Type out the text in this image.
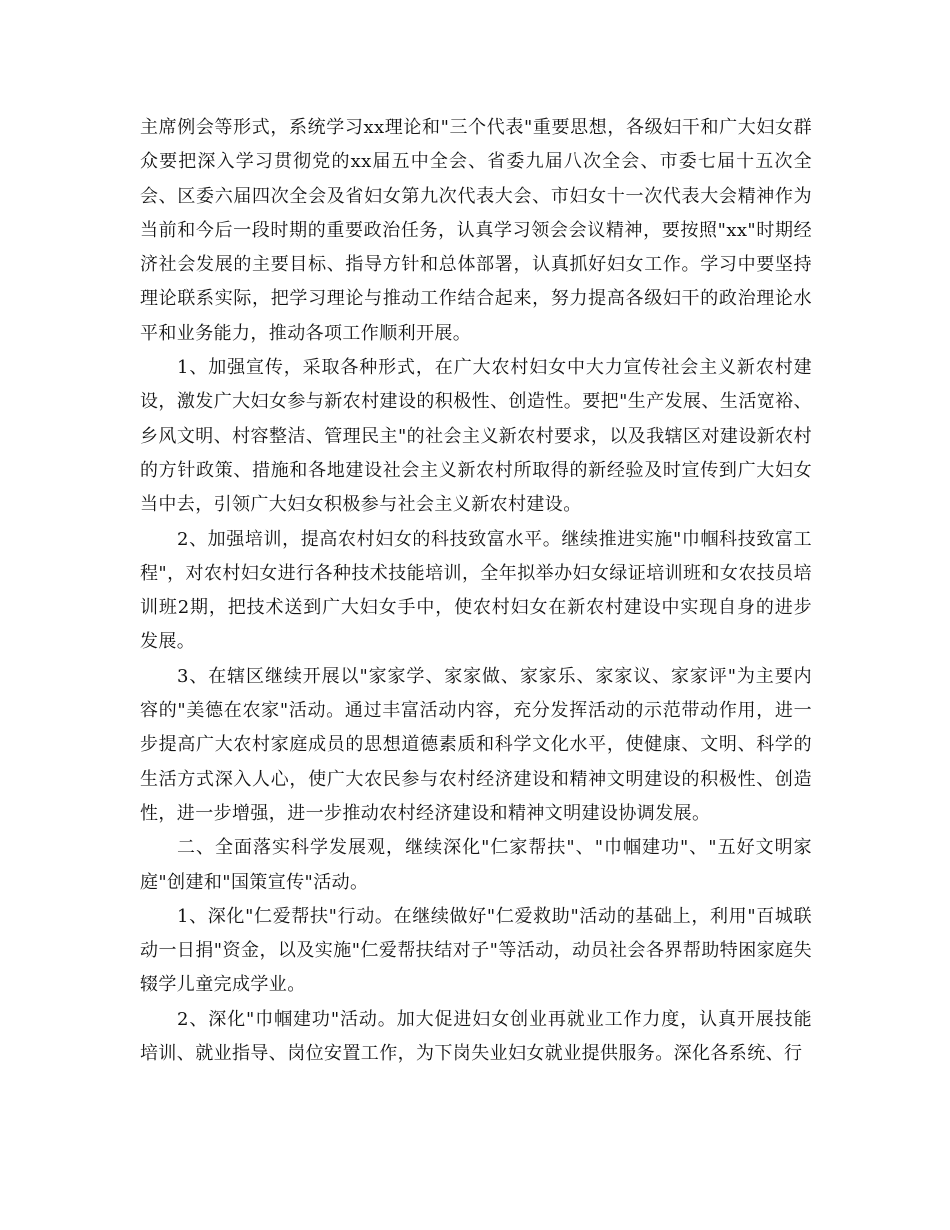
主席例会等形式，系统学习xx理论和"三个代表"重要思想，各级妇干和广大妇女群众要把深入学习贯彻党的xx届五中全会、省委九届八次全会、市委七届十五次全会、区委六届四次全会及省妇女第九次代表大会、市妇女十一次代表大会精神作为当前和今后一段时期的重要政治任务，认真学习领会会议精神，要按照"xx"时期经济社会发展的主要目标、指导方针和总体部署，认真抓好妇女工作。学习中要坚持理论联系实际，把学习理论与推动工作结合起来，努力提高各级妇干的政治理论水平和业务能力，推动各项工作顺利开展。

1、加强宣传，采取各种形式，在广大农村妇女中大力宣传社会主义新农村建设，激发广大妇女参与新农村建设的积极性、创造性。要把"生产发展、生活宽裕、乡风文明、村容整洁、管理民主"的社会主义新农村要求，以及我辖区对建设新农村的方针政策、措施和各地建设社会主义新农村所取得的新经验及时宣传到广大妇女当中去，引领广大妇女积极参与社会主义新农村建设。

2、加强培训，提高农村妇女的科技致富水平。继续推进实施"巾帼科技致富工程"，对农村妇女进行各种技术技能培训，全年拟举办妇女绿证培训班和女农技员培训班2期，把技术送到广大妇女手中，使农村妇女在新农村建设中实现自身的进步发展。

3、在辖区继续开展以"家家学、家家做、家家乐、家家议、家家评"为主要内容的"美德在农家"活动。通过丰富活动内容，充分发挥活动的示范带动作用，进一步提高广大农村家庭成员的思想道德素质和科学文化水平，使健康、文明、科学的生活方式深入人心，使广大农民参与农村经济建设和精神文明建设的积极性、创造性，进一步增强，进一步推动农村经济建设和精神文明建设协调发展。

二、全面落实科学发展观，继续深化"仁家帮扶"、"巾帼建功"、"五好文明家庭"创建和"国策宣传"活动。

1、深化"仁爱帮扶"行动。在继续做好"仁爱救助"活动的基础上，利用"百城联动一日捐"资金，以及实施"仁爱帮扶结对子"等活动，动员社会各界帮助特困家庭失辍学儿童完成学业。

2、深化"巾帼建功"活动。加大促进妇女创业再就业工作力度，认真开展技能培训、就业指导、岗位安置工作，为下岗失业妇女就业提供服务。深化各系统、行
